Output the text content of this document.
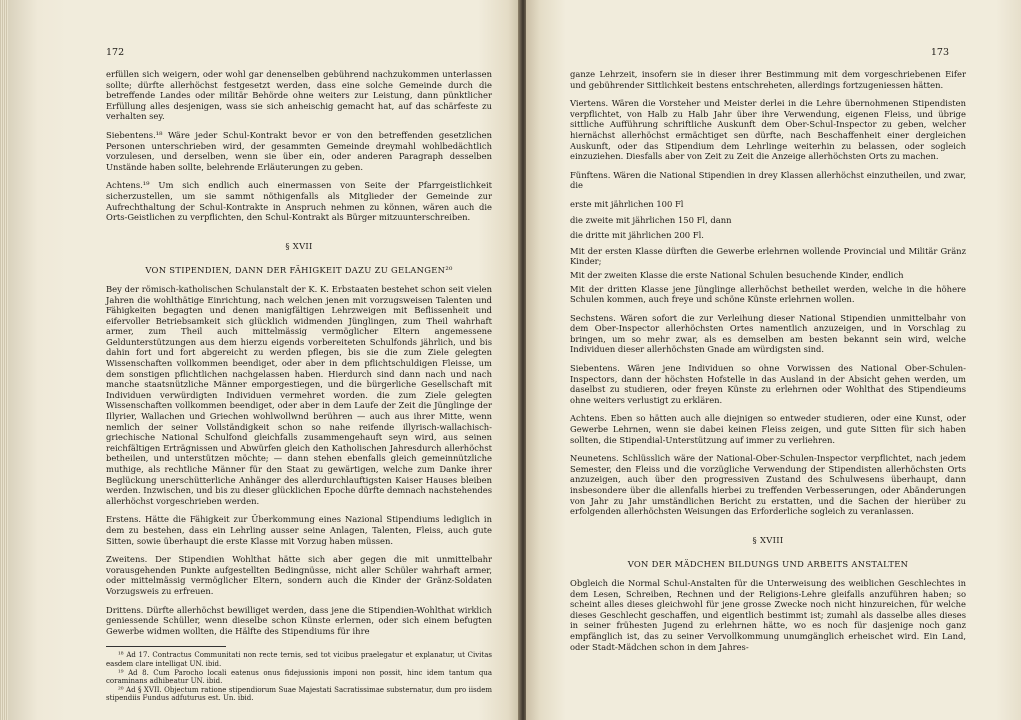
172

erfüllen sich weigern, oder wohl gar denenselben gebührend nachzukommen unterlassen sollte; dürfte allerhöchst festgesetzt werden, dass eine solche Gemeinde durch die betreffende Landes oder militär Behörde ohne weiters zur Leistung, dann pünktlicher Erfüllung alles desjenigen, wass sie sich anheischig gemacht hat, auf das schärfeste zu verhalten sey.

Siebentens.¹⁸ Wäre jeder Schul-Kontrakt bevor er von den betreffenden gesetzlichen Personen unterschrieben wird, der gesammten Gemeinde dreymahl wohlbedächtlich vorzulesen, und derselben, wenn sie über ein, oder anderen Paragraph desselben Unstände haben sollte, belehrende Erläuterungen zu geben.

Achtens.¹⁹ Um sich endlich auch einermassen von Seite der Pfarrgeistlichkeit sicherzustellen, um sie sammt nöthigenfalls als Mitglieder der Gemeinde zur Aufrechthaltung der Schul-Kontrakte in Anspruch nehmen zu können, wären auch die Orts-Geistlichen zu verpflichten, den Schul-Kontrakt als Bürger mitzuunterschreiben.

§ XVII
VON STIPENDIEN, DANN DER FÄHIGKEIT DAZU ZU GELANGEN²⁰

Bey der römisch-katholischen Schulanstalt der K. K. Erbstaaten bestehet schon seit vielen Jahren die wohlthätige Einrichtung, nach welchen jenen mit vorzugsweisen Talenten und Fähigkeiten begagten und denen manigfältigen Lehrzweigen mit Beflissenheit und eifervoller Betriebsamkeit sich glücklich widmenden Jünglingen, zum Theil wahrhaft armer, zum Theil auch mittelmässig vermöglicher Eltern angemessene Geldunterstützungen aus dem hierzu eigends vorbereiteten Schulfonds jährlich, und bis dahin fort und fort abgereicht zu werden pflegen, bis sie die zum Ziele gelegten Wissenschaften vollkommen beendiget, oder aber in dem pflichtschuldigen Fleisse, um dem sonstigen pflichtlichen nachgelassen haben. Hierdurch sind dann nach und nach manche staatsnützliche Männer emporgestiegen, und die bürgerliche Gesellschaft mit Individuen verwürdigten Individuen vermehret worden. die zum Ziele gelegten Wissenschaften vollkommen beendiget, oder aber in dem Laufe der Zeit die Jünglinge der Illyrier, Wallachen und Griechen wohlwollwnd berühren — auch aus ihrer Mitte, wenn nemlich der seiner Vollständigkeit schon so nahe reifende illyrisch-wallachisch-griechische National Schulfond gleichfalls zusammengehauft seyn wird, aus seinen reichfältigen Erträgnissen und Abwürfen gleich den Katholischen Jahresdurch allerhöchst betheilen, und unterstützen möchte; — dann stehen ebenfalls gleich gemeinnützliche muthige, als rechtliche Männer für den Staat zu gewärtigen, welche zum Danke ihrer Beglückung unerschütterliche Anhänger des allerdurchlauftigsten Kaiser Hauses bleiben werden. Inzwischen, und bis zu dieser glücklichen Epoche dürfte demnach nachstehendes allerhöchst vorgeschrieben werden.

Erstens. Hätte die Fähigkeit zur Überkommung eines Nazional Stipendiums lediglich in dem zu bestehen, dass ein Lehrling ausser seine Anlagen, Talenten, Fleiss, auch gute Sitten, sowie überhaupt die erste Klasse mit Vorzug haben müssen.

Zweitens. Der Stipendien Wohlthat hätte sich aber gegen die mit unmittelbahr vorausgehenden Punkte aufgestellten Bedingnüsse, nicht aller Schüler wahrhaft armer, oder mittelmässig vermöglicher Eltern, sondern auch die Kinder der Gränz-Soldaten Vorzugsweis zu erfreuen.

Drittens. Dürfte allerhöchst bewilliget werden, dass jene die Stipendien-Wohlthat wirklich geniessende Schüller, wenn dieselbe schon Künste erlernen, oder sich einem befugten Gewerbe widmen wollten, die Hälfte des Stipendiums für ihre

¹⁸ Ad 17. Contractus Communitati non recte ternis, sed tot vicibus praelegatur et explanatur, ut Civitas easdem clare intelligat UN. ibid.

¹⁹ Ad 8. Cum Parocho locali eatenus onus fidejussionis imponi non possit, hinc idem tantum qua coraminans adhibeatur UN. ibid.

²⁰ Ad § XVII. Objectum ratione stipendiorum Suae Majestati Sacratissimae substernatur, dum pro iisdem stipendiis Fundus adfuturus est. Un. ibid.

173

ganze Lehrzeit, insofern sie in dieser ihrer Bestimmung mit dem vorgeschriebenen Eifer und gebührender Sittlichkeit bestens entschreheten, allerdings fortzugeniessen hätten.

Viertens. Wären die Vorsteher und Meister derlei in die Lehre übernohmenen Stipendisten verpflichtet, von Halb zu Halb Jahr über ihre Verwendung, eigenen Fleiss, und übrige sittliche Aufführung schriftliche Auskunft dem Ober-Schul-Inspector zu geben, welcher hiernächst allerhöchst ermächtiget sen dürfte, nach Beschaffenheit einer dergleichen Auskunft, oder das Stipendium dem Lehrlinge weiterhin zu belassen, oder sogleich einzuziehen. Diesfalls aber von Zeit zu Zeit die Anzeige allerhöchsten Orts zu machen.

Fünftens. Wären die National Stipendien in drey Klassen allerhöchst einzutheilen, und zwar, die

erste mit jährlichen 100 Fl

die zweite mit jährlichen 150 Fl, dann

die dritte mit jährlichen 200 Fl.

Mit der ersten Klasse dürften die Gewerbe erlehrnen wollende Provincial und Militär Gränz Kinder;

Mit der zweiten Klasse die erste National Schulen besuchende Kinder, endlich

Mit der dritten Klasse jene Jünglinge allerhöchst betheilet werden, welche in die höhere Schulen kommen, auch freye und schöne Künste erlehrnen wollen.

Sechstens. Wären sofort die zur Verleihung dieser National Stipendien unmittelbahr von dem Ober-Inspector allerhöchsten Ortes namentlich anzuzeigen, und in Vorschlag zu bringen, um so mehr zwar, als es demselben am besten bekannt sein wird, welche Individuen dieser allerhöchsten Gnade am würdigsten sind.

Siebentens. Wären jene Individuen so ohne Vorwissen des National Ober-Schulen-Inspectors, dann der höchsten Hofstelle in das Ausland in der Absicht gehen werden, um daselbst zu studieren, oder freyen Künste zu erlehrnen oder Wohlthat des Stipendieums ohne weiters verlustigt zu erklären.

Achtens. Eben so hätten auch alle diejnigen so entweder studieren, oder eine Kunst, oder Gewerbe Lehrnen, wenn sie dabei keinen Fleiss zeigen, und gute Sitten für sich haben sollten, die Stipendial-Unterstützung auf immer zu verliehren.

Neunetens. Schlüsslich wäre der National-Ober-Schulen-Inspector verpflichtet, nach jedem Semester, den Fleiss und die vorzügliche Verwendung der Stipendisten allerhöchsten Orts anzuzeigen, auch über den progressiven Zustand des Schulwesens überhaupt, dann insbesondere über die allenfalls hierbei zu treffenden Verbesserungen, oder Abänderungen von Jahr zu Jahr umständlichen Bericht zu erstatten, und die Sachen der hierüber zu erfolgenden allerhöchsten Weisungen das Erforderliche sogleich zu veranlassen.

§ XVIII
VON DER MÄDCHEN BILDUNGS UND ARBEITS ANSTALTEN

Obgleich die Normal Schul-Anstalten für die Unterweisung des weiblichen Geschlechtes in dem Lesen, Schreiben, Rechnen und der Religions-Lehre gleifalls anzuführen haben; so scheint alles dieses gleichwohl für jene grosse Zwecke noch nicht hinzureichen, für welche dieses Geschlecht geschaffen, und eigentlich bestimmt ist; zumahl als dasselbe alles dieses in seiner frühesten Jugend zu erlehrnen hätte, wo es noch für dasjenige noch ganz empfänglich ist, das zu seiner Vervollkommung unumgänglich erheischet wird. Ein Land, oder Stadt-Mädchen schon in dem Jahres-
